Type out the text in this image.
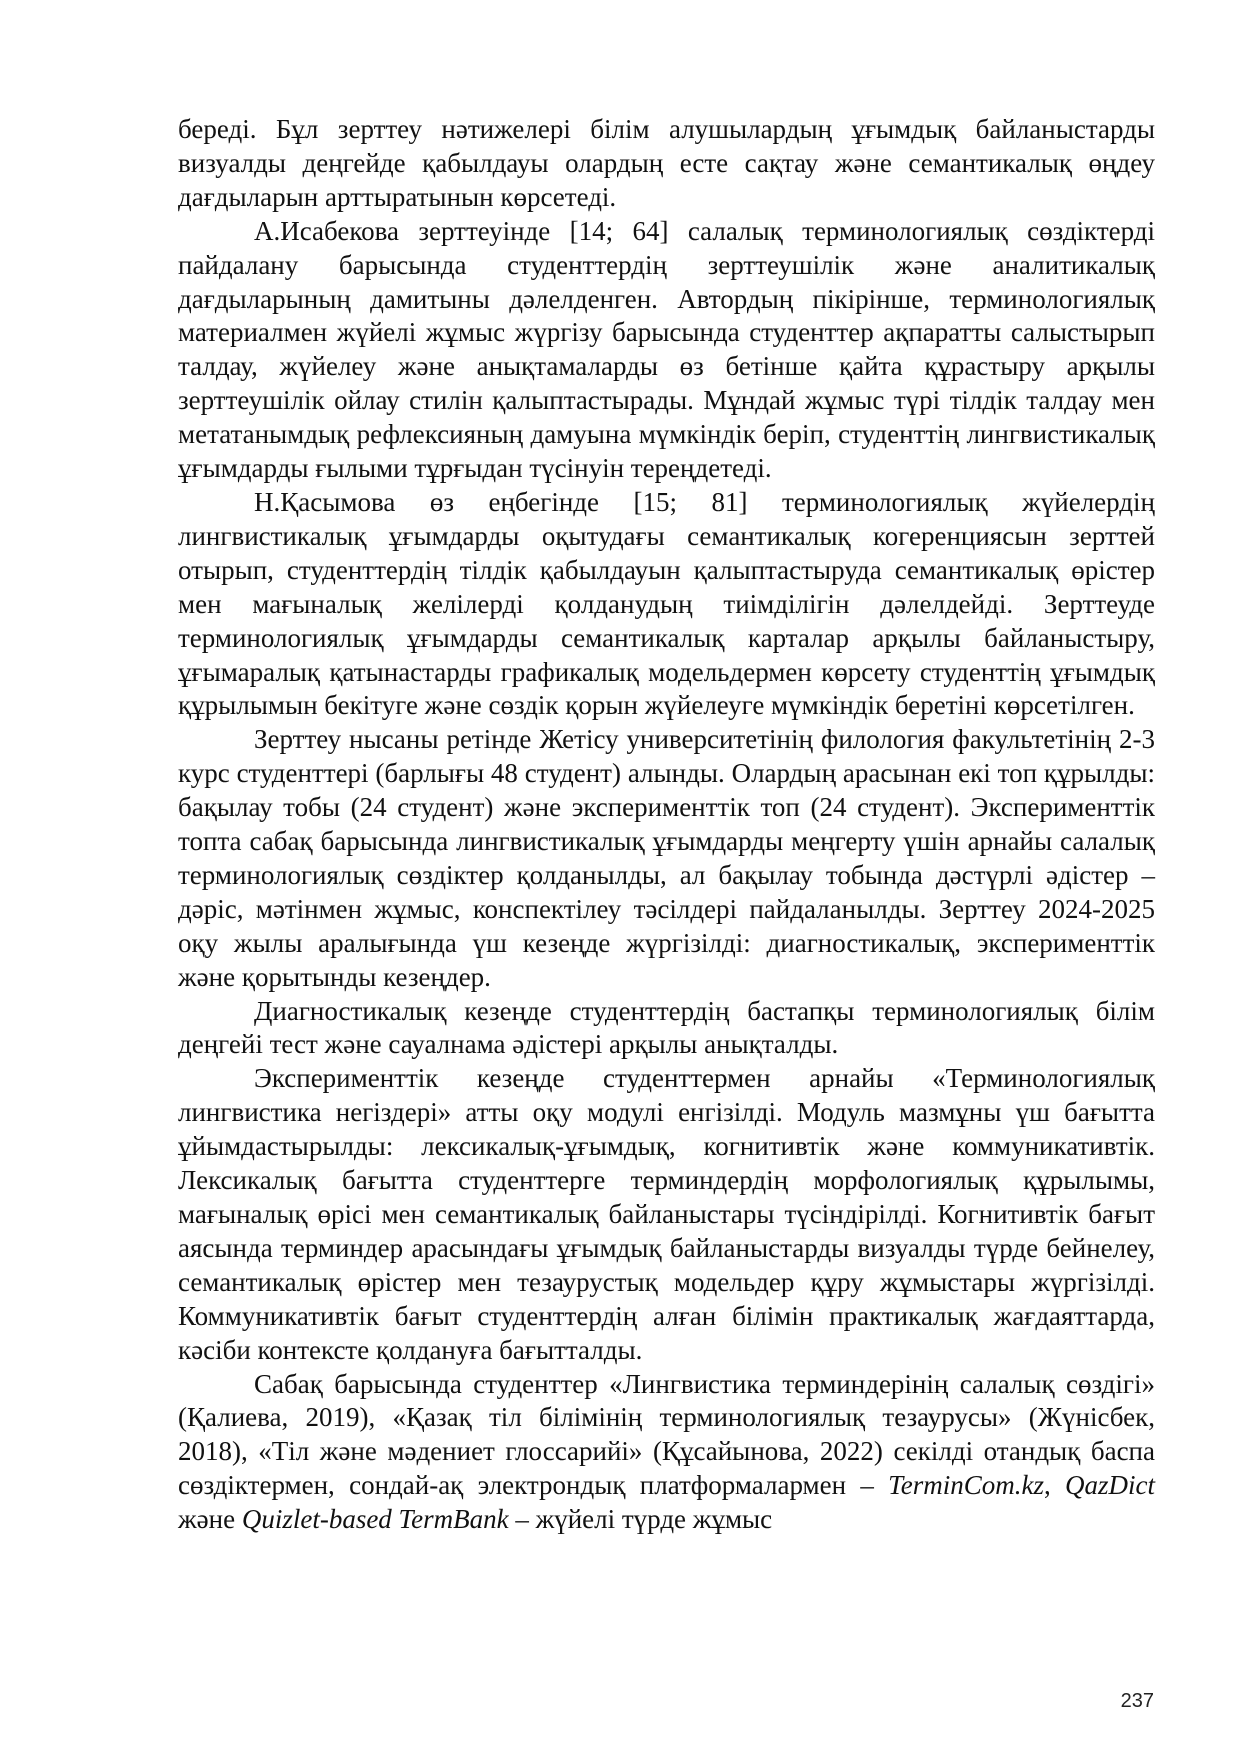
береді. Бұл зерттеу нәтижелері білім алушылардың ұғымдық байланыстарды визуалды деңгейде қабылдауы олардың есте сақтау және семантикалық өңдеу дағдыларын арттыратынын көрсетеді.

А.Исабекова зерттеуінде [14; 64] салалық терминологиялық сөздіктерді пайдалану барысында студенттердің зерттеушілік және аналитикалық дағдыларының дамитыны дәлелденген. Автордың пікірінше, терминологиялық материалмен жүйелі жұмыс жүргізу барысында студенттер ақпаратты салыстырып талдау, жүйелеу және анықтамаларды өз бетінше қайта құрастыру арқылы зерттеушілік ойлау стилін қалыптастырады. Мұндай жұмыс түрі тілдік талдау мен метатанымдық рефлексияның дамуына мүмкіндік беріп, студенттің лингвистикалық ұғымдарды ғылыми тұрғыдан түсінуін тереңдетеді.

Н.Қасымова өз еңбегінде [15; 81] терминологиялық жүйелердің лингвистикалық ұғымдарды оқытудағы семантикалық когеренциясын зерттей отырып, студенттердің тілдік қабылдауын қалыптастыруда семантикалық өрістер мен мағыналық желілерді қолданудың тиімділігін дәлелдейді. Зерттеуде терминологиялық ұғымдарды семантикалық карталар арқылы байланыстыру, ұғымаралық қатынастарды графикалық модельдермен көрсету студенттің ұғымдық құрылымын бекітуге және сөздік қорын жүйелеуге мүмкіндік беретіні көрсетілген.

Зерттеу нысаны ретінде Жетісу университетінің филология факультетінің 2-3 курс студенттері (барлығы 48 студент) алынды. Олардың арасынан екі топ құрылды: бақылау тобы (24 студент) және эксперименттік топ (24 студент). Эксперименттік топта сабақ барысында лингвистикалық ұғымдарды меңгерту үшін арнайы салалық терминологиялық сөздіктер қолданылды, ал бақылау тобында дәстүрлі әдістер – дәріс, мәтінмен жұмыс, конспектілеу тәсілдері пайдаланылды. Зерттеу 2024-2025 оқу жылы аралығында үш кезеңде жүргізілді: диагностикалық, эксперименттік және қорытынды кезеңдер.

Диагностикалық кезеңде студенттердің бастапқы терминологиялық білім деңгейі тест және сауалнама әдістері арқылы анықталды.

Эксперименттік кезеңде студенттермен арнайы «Терминологиялық лингвистика негіздері» атты оқу модулі енгізілді. Модуль мазмұны үш бағытта ұйымдастырылды: лексикалық-ұғымдық, когнитивтік және коммуникативтік. Лексикалық бағытта студенттерге терминдердің морфологиялық құрылымы, мағыналық өрісі мен семантикалық байланыстары түсіндірілді. Когнитивтік бағыт аясында терминдер арасындағы ұғымдық байланыстарды визуалды түрде бейнелеу, семантикалық өрістер мен тезаурустық модельдер құру жұмыстары жүргізілді. Коммуникативтік бағыт студенттердің алған білімін практикалық жағдаяттарда, кәсіби контексте қолдануға бағытталды.

Сабақ барысында студенттер «Лингвистика терминдерінің салалық сөздігі» (Қалиева, 2019), «Қазақ тіл білімінің терминологиялық тезаурусы» (Жүнісбек, 2018), «Тіл және мәдениет глоссарийі» (Құсайынова, 2022) секілді отандық баспа сөздіктермен, сондай-ақ электрондық платформалармен – TerminCom.kz, QazDict және Quizlet-based TermBank – жүйелі түрде жұмыс

237
